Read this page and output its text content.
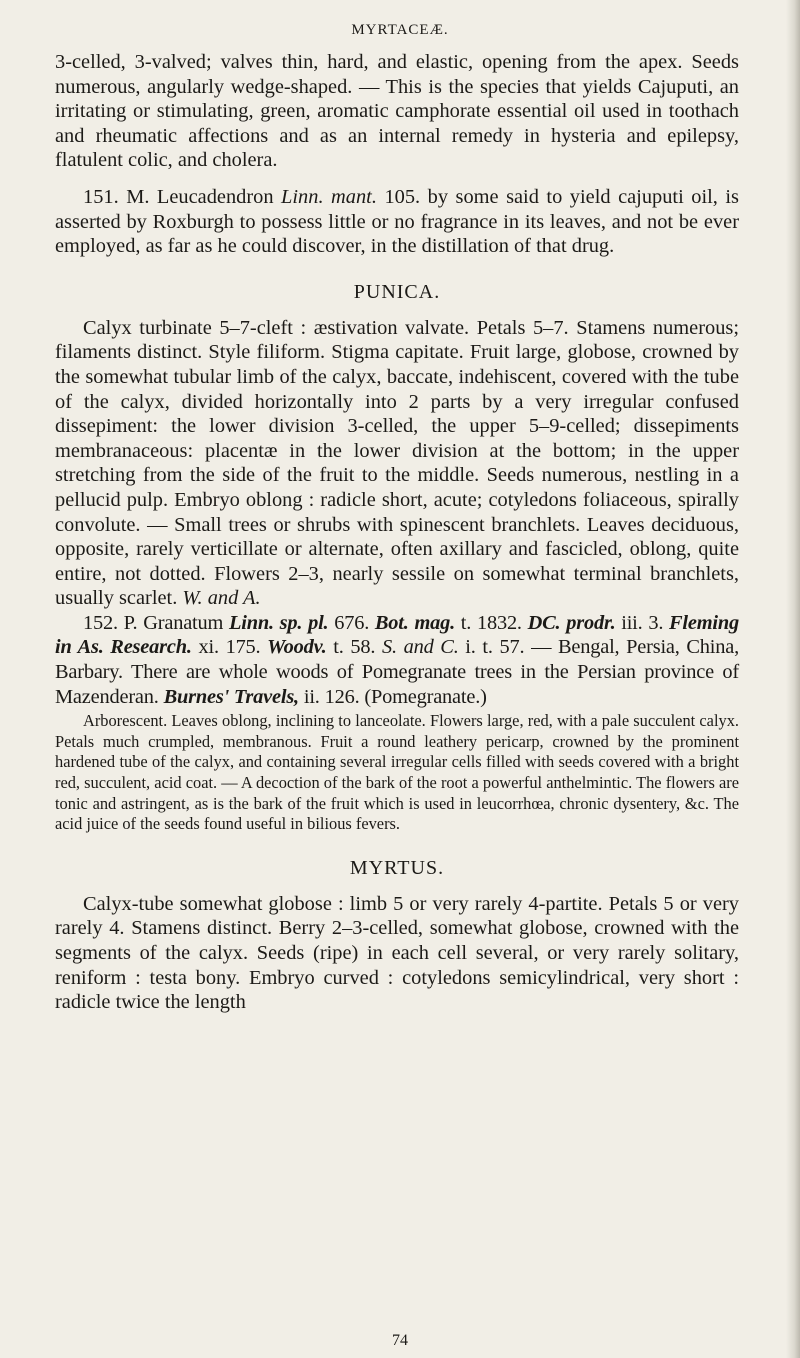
MYRTACEÆ.

3-celled, 3-valved; valves thin, hard, and elastic, opening from the apex. Seeds numerous, angularly wedge-shaped. — This is the species that yields Cajuputi, an irritating or stimulating, green, aromatic camphorate essential oil used in toothach and rheumatic affections and as an internal remedy in hysteria and epilepsy, flatulent colic, and cholera.

151. M. Leucadendron Linn. mant. 105. by some said to yield cajuputi oil, is asserted by Roxburgh to possess little or no fragrance in its leaves, and not be ever employed, as far as he could discover, in the distillation of that drug.

PUNICA.

Calyx turbinate 5–7-cleft : æstivation valvate. Petals 5–7. Stamens numerous; filaments distinct. Style filiform. Stigma capitate. Fruit large, globose, crowned by the somewhat tubular limb of the calyx, baccate, indehiscent, covered with the tube of the calyx, divided horizontally into 2 parts by a very irregular confused dissepiment: the lower division 3-celled, the upper 5–9-celled; dissepiments membranaceous: placentæ in the lower division at the bottom; in the upper stretching from the side of the fruit to the middle. Seeds numerous, nestling in a pellucid pulp. Embryo oblong : radicle short, acute; cotyledons foliaceous, spirally convolute. — Small trees or shrubs with spinescent branchlets. Leaves deciduous, opposite, rarely verticillate or alternate, often axillary and fascicled, oblong, quite entire, not dotted. Flowers 2–3, nearly sessile on somewhat terminal branchlets, usually scarlet. W. and A.

152. P. Granatum Linn. sp. pl. 676. Bot. mag. t. 1832. DC. prodr. iii. 3. Fleming in As. Research. xi. 175. Woodv. t. 58. S. and C. i. t. 57. — Bengal, Persia, China, Barbary. There are whole woods of Pomegranate trees in the Persian province of Mazenderan. Burnes' Travels, ii. 126. (Pomegranate.)

Arborescent. Leaves oblong, inclining to lanceolate. Flowers large, red, with a pale succulent calyx. Petals much crumpled, membranous. Fruit a round leathery pericarp, crowned by the prominent hardened tube of the calyx, and containing several irregular cells filled with seeds covered with a bright red, succulent, acid coat. — A decoction of the bark of the root a powerful anthelmintic. The flowers are tonic and astringent, as is the bark of the fruit which is used in leucorrhœa, chronic dysentery, &c. The acid juice of the seeds found useful in bilious fevers.

MYRTUS.

Calyx-tube somewhat globose : limb 5 or very rarely 4-partite. Petals 5 or very rarely 4. Stamens distinct. Berry 2–3-celled, somewhat globose, crowned with the segments of the calyx. Seeds (ripe) in each cell several, or very rarely solitary, reniform : testa bony. Embryo curved : cotyledons semicylindrical, very short : radicle twice the length

74
